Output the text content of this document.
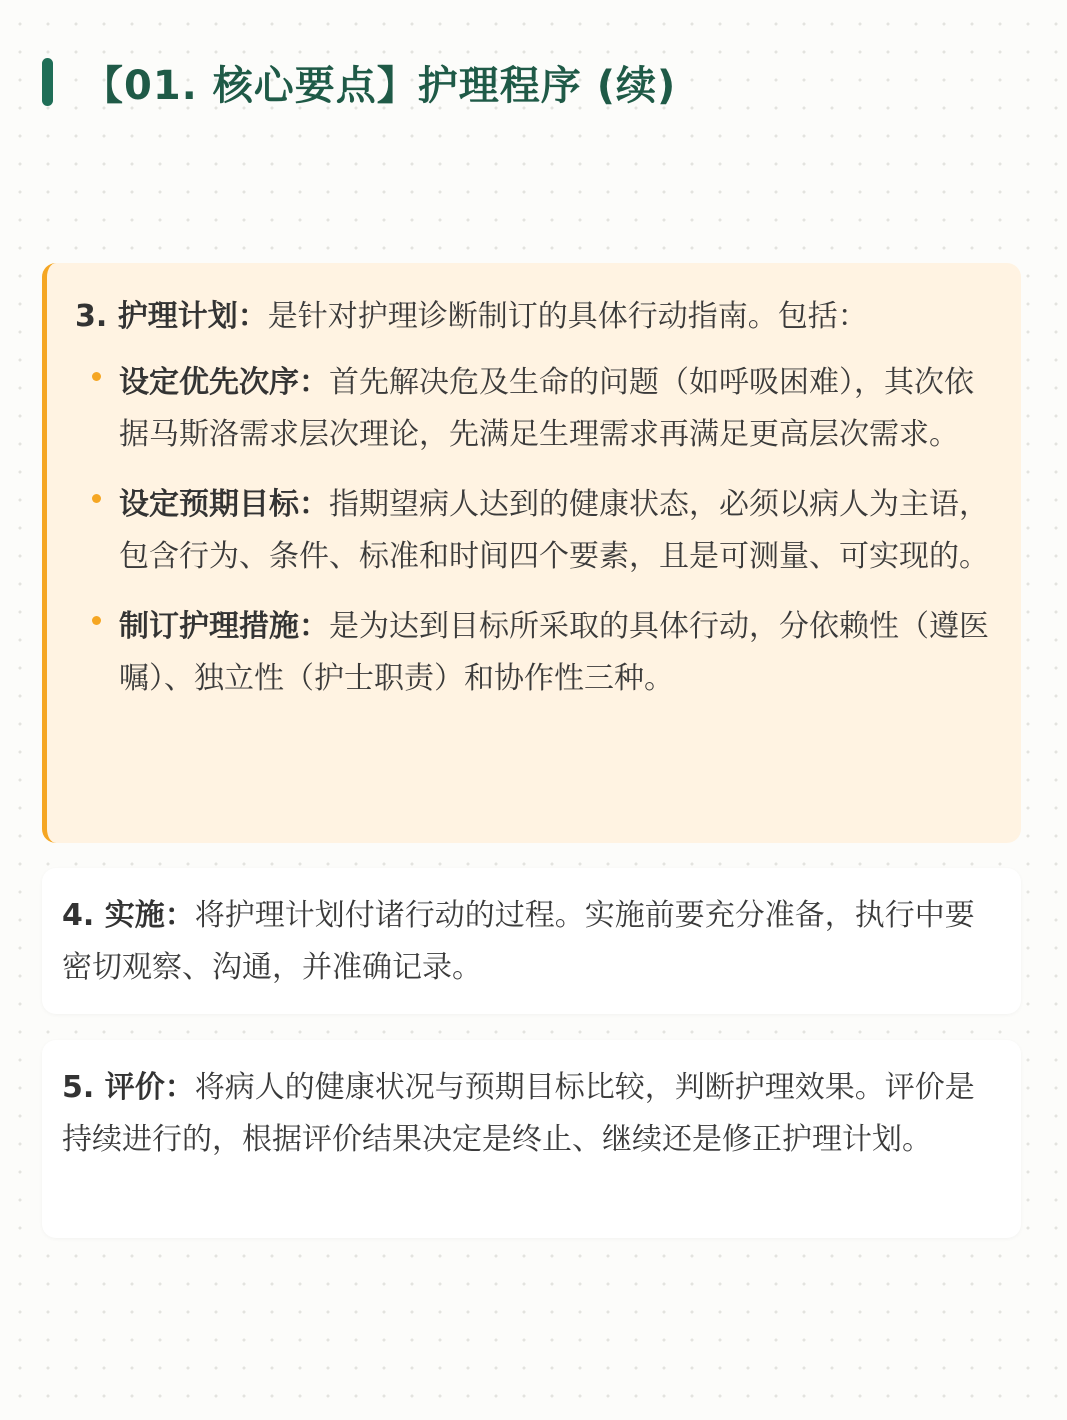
【01. 核心要点】护理程序 (续)

3. 护理计划：是针对护理诊断制订的具体行动指南。包括：

设定优先次序：首先解决危及生命的问题（如呼吸困难），其次依据马斯洛需求层次理论，先满足生理需求再满足更高层次需求。
设定预期目标：指期望病人达到的健康状态，必须以病人为主语，包含行为、条件、标准和时间四个要素，且是可测量、可实现的。
制订护理措施：是为达到目标所采取的具体行动，分依赖性（遵医嘱）、独立性（护士职责）和协作性三种。

4. 实施：将护理计划付诸行动的过程。实施前要充分准备，执行中要密切观察、沟通，并准确记录。

5. 评价：将病人的健康状况与预期目标比较，判断护理效果。评价是持续进行的，根据评价结果决定是终止、继续还是修正护理计划。
